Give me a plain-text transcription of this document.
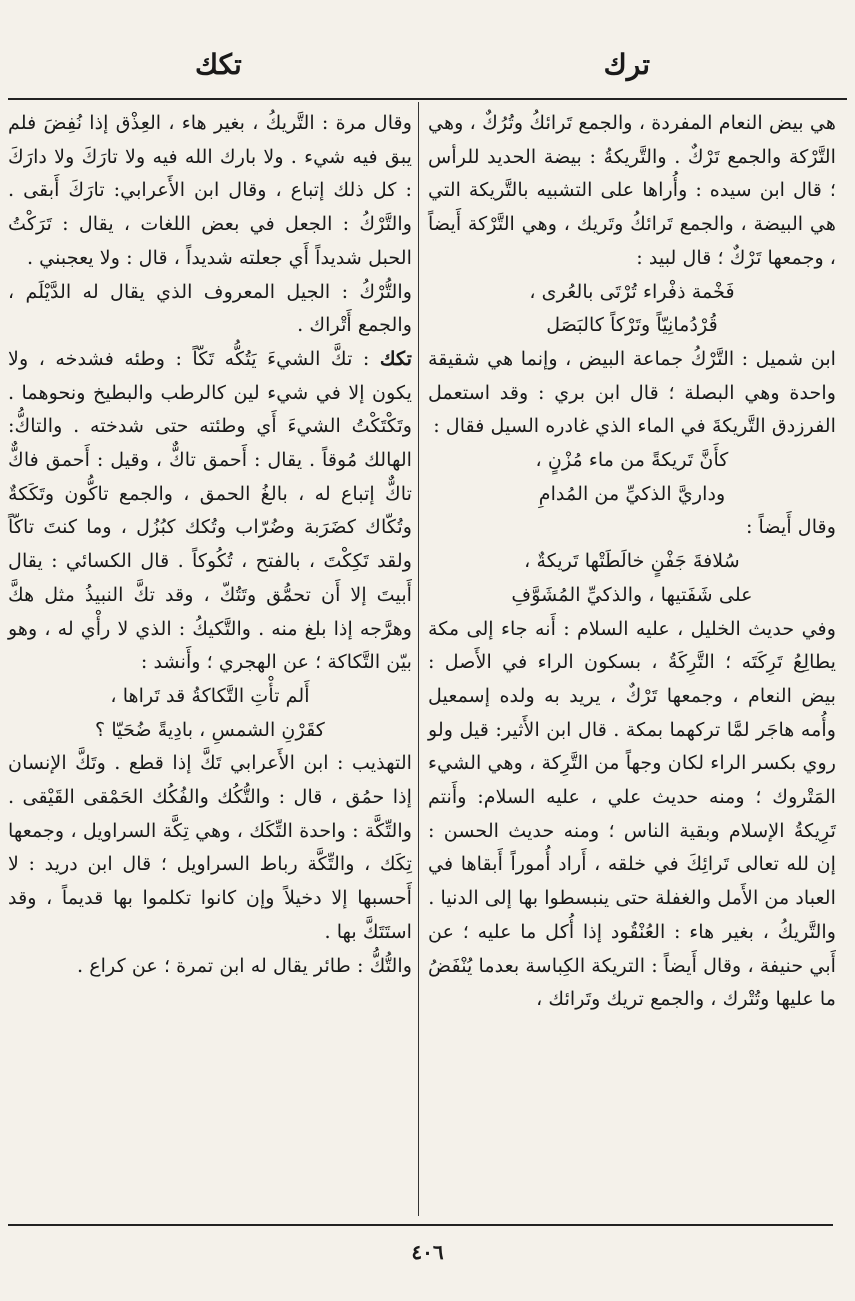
ترك
تكك

هي بيض النعام المفردة ، والجمع تَرائكُ وتُرُكٌ ، وهي التَّرْكة والجمع تَرْكٌ . والتَّريكةُ : بيضة الحديد للرأس ؛ قال ابن سيده : وأُراها على التشبيه بالتَّريكة التي هي البيضة ، والجمع تَرائكُ وتَريك ، وهي التَّرْكة أَيضاً ، وجمعها تَرْكٌ ؛ قال لبيد :

فَخْمة ذفْراء تُرْتَى بالعُرى ،

قُرْدُمانِيّاً وتَرْكاً كالبَصَل

ابن شميل : التَّرْكُ جماعة البيض ، وإنما هي شقيقة واحدة وهي البصلة ؛ قال ابن بري : وقد استعمل الفرزدق التَّريكةَ في الماء الذي غادره السيل فقال :

كأَنَّ تَريكةً من ماء مُزْنٍ ،

وداريَّ الذكيِّ من المُدامِ

وقال أَيضاً :

سُلافةَ جَفْنٍ خالَطَتْها تَريكةٌ ،

على شَفَتيها ، والذكيِّ المُشَوَّفِ

وفي حديث الخليل ، عليه السلام : أَنه جاء إلى مكة يطالِعُ تَرِكَتَه ؛ التَّرِكَةُ ، بسكون الراء في الأَصل : بيض النعام ، وجمعها تَرْكٌ ، يريد به ولده إسمعيل وأُمه هاجَر لمَّا تركهما بمكة . قال ابن الأَثير: قيل ولو روي بكسر الراء لكان وجهاً من التَّرِكة ، وهي الشيء المَتْروك ؛ ومنه حديث علي ، عليه السلام: وأَنتم تَرِيكةُ الإسلام وبقية الناس ؛ ومنه حديث الحسن : إن لله تعالى تَرائِكَ في خلقه ، أَراد أُموراً أَبقاها في العباد من الأَمل والغفلة حتى ينبسطوا بها إلى الدنيا .

والتَّريكُ ، بغير هاء : العُنْقُود إذا أُكل ما عليه ؛ عن أَبي حنيفة ، وقال أَيضاً : التريكة الكِباسة بعدما يُنْفَضُ ما عليها وتُتْرك ، والجمع تريك وتَرائك ،

وقال مرة : التَّريكُ ، بغير هاء ، العِذْق إذا نُفِضَ فلم يبق فيه شيء . ولا بارك الله فيه ولا تارَكَ ولا دارَكَ : كل ذلك إتباع ، وقال ابن الأَعرابي: تارَكَ أَبقى . والتَّرْكُ : الجعل في بعض اللغات ، يقال : تَرَكْتُ الحبل شديداً أَي جعلته شديداً ، قال : ولا يعجبني .

والتُّرْكُ : الجيل المعروف الذي يقال له الدَّيْلَم ، والجمع أَتْراك .

تكك : تكَّ الشيءَ يَتُكُّه تَكّاً : وطئه فشدخه ، ولا يكون إلا في شيء لين كالرطب والبطيخ ونحوهما . وتَكْتَكْتُ الشيءَ أَي وطئته حتى شدخته . والتاكُّ: الهالك مُوقاً . يقال : أَحمق تاكٌّ ، وقيل : أَحمق فاكٌّ تاكٌّ إتباع له ، بالغُ الحمق ، والجمع تاكُّون وتَكَكةٌ وتُكّاك كضَرَبة وضُرّاب وتُكك كبُزُل ، وما كنتَ تاكّاً ولقد تَكِكْتَ ، بالفتح ، تُكُوكاً . قال الكسائي : يقال أَبيتَ إلا أَن تحمُّق وتَتُكّ ، وقد تكَّ النبيذُ مثل هكَّ وهرَّجه إذا بلغ منه . والتَّكيكُ : الذي لا رأْي له ، وهو بيّن التَّكاكة ؛ عن الهجري ؛ وأَنشد :

أَلم تأْتِ التَّكاكةُ قد تَراها ،

كقَرْنِ الشمسِ ، بادِيةً ضُحَيّا ؟

التهذيب : ابن الأَعرابي تَكَّ إذا قطع . وتَكَّ الإنسان إذا حمُق ، قال : والتُّكُك والفُكُك الحَمْقى القَيْقى . والتِّكَّة : واحدة التِّكَك ، وهي تِكَّة السراويل ، وجمعها تِكَك ، والتِّكَّة رباط السراويل ؛ قال ابن دريد : لا أَحسبها إلا دخيلاً وإن كانوا تكلموا بها قديماً ، وقد استَتَكَّ بها .

والتُّكُّ : طائر يقال له ابن تمرة ؛ عن كراع .

٤٠٦
